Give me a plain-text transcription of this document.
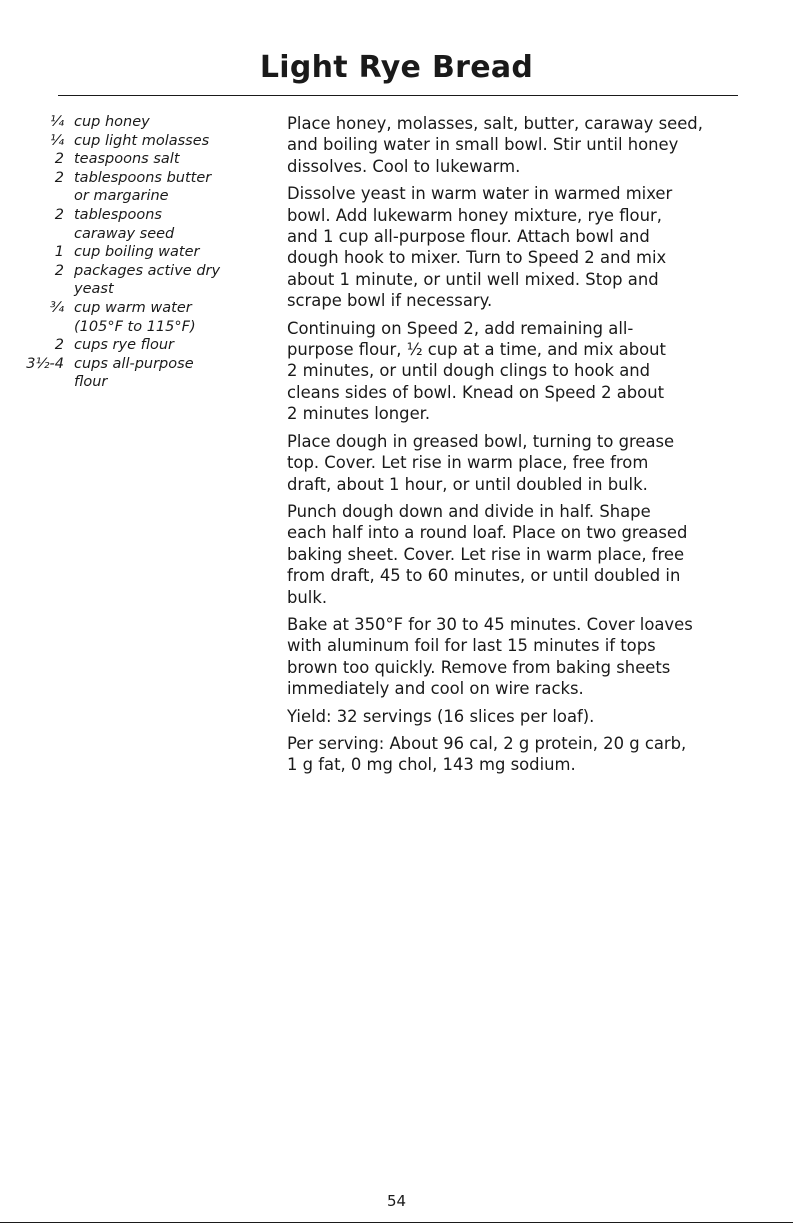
Light Rye Bread
¼ cup honey
¼ cup light molasses
2 teaspoons salt
2 tablespoons butter
or margarine
2 tablespoons
caraway seed
1 cup boiling water
2 packages active dry
yeast
¾ cup warm water
(105°F to 115°F)
2 cups rye flour
3½-4 cups all-purpose
flour

Place honey, molasses, salt, butter, caraway seed,
and boiling water in small bowl. Stir until honey
dissolves. Cool to lukewarm.

Dissolve yeast in warm water in warmed mixer
bowl. Add lukewarm honey mixture, rye flour,
and 1 cup all-purpose flour. Attach bowl and
dough hook to mixer. Turn to Speed 2 and mix
about 1 minute, or until well mixed. Stop and
scrape bowl if necessary.

Continuing on Speed 2, add remaining all-
purpose flour, ½ cup at a time, and mix about
2 minutes, or until dough clings to hook and
cleans sides of bowl. Knead on Speed 2 about
2 minutes longer.

Place dough in greased bowl, turning to grease
top. Cover. Let rise in warm place, free from
draft, about 1 hour, or until doubled in bulk.

Punch dough down and divide in half. Shape
each half into a round loaf. Place on two greased
baking sheet. Cover. Let rise in warm place, free
from draft, 45 to 60 minutes, or until doubled in
bulk.

Bake at 350°F for 30 to 45 minutes. Cover loaves
with aluminum foil for last 15 minutes if tops
brown too quickly. Remove from baking sheets
immediately and cool on wire racks.

Yield: 32 servings (16 slices per loaf).

Per serving: About 96 cal, 2 g protein, 20 g carb,
1 g fat, 0 mg chol, 143 mg sodium.

54
